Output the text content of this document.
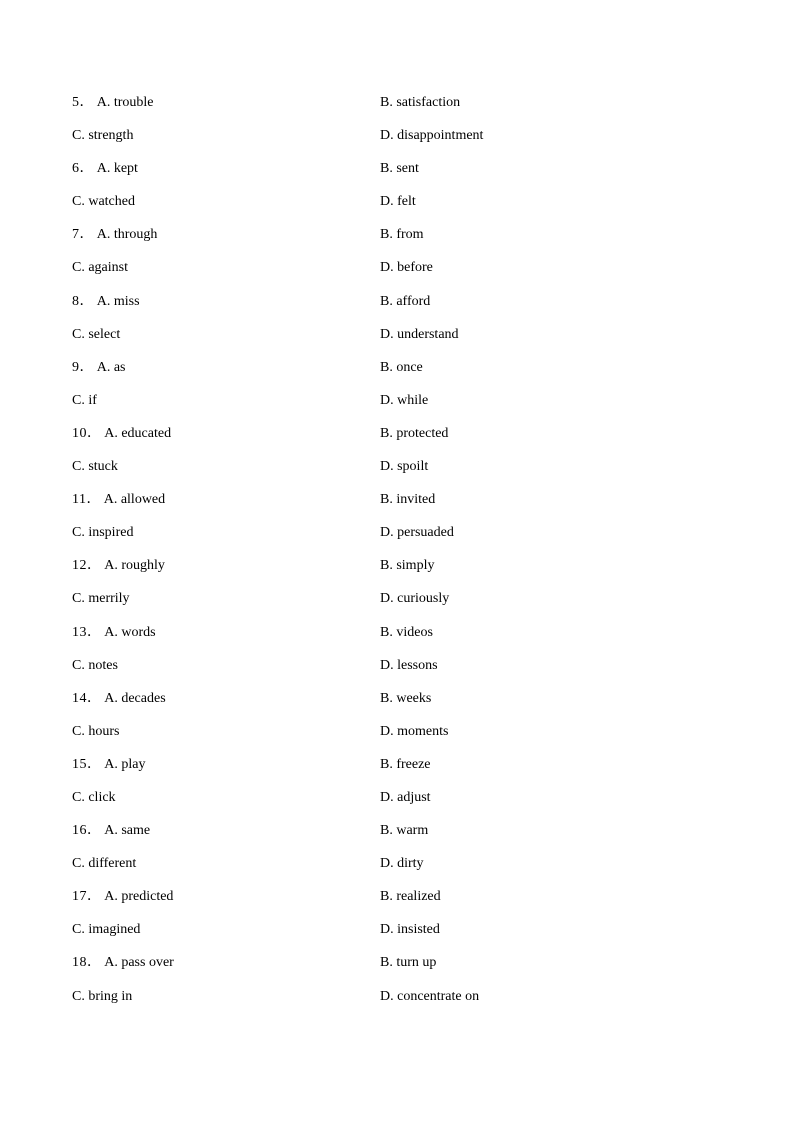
5． A. trouble	B. satisfaction
C. strength	D. disappointment
6． A. kept	B. sent
C. watched	D. felt
7． A. through	B. from
C. against	D. before
8． A. miss	B. afford
C. select	D. understand
9． A. as	B. once
C. if	D. while
10． A. educated	B. protected
C. stuck	D. spoilt
11． A. allowed	B. invited
C. inspired	D. persuaded
12． A. roughly	B. simply
C. merrily	D. curiously
13． A. words	B. videos
C. notes	D. lessons
14． A. decades	B. weeks
C. hours	D. moments
15． A. play	B. freeze
C. click	D. adjust
16． A. same	B. warm
C. different	D. dirty
17． A. predicted	B. realized
C. imagined	D. insisted
18． A. pass over	B. turn up
C. bring in	D. concentrate on
